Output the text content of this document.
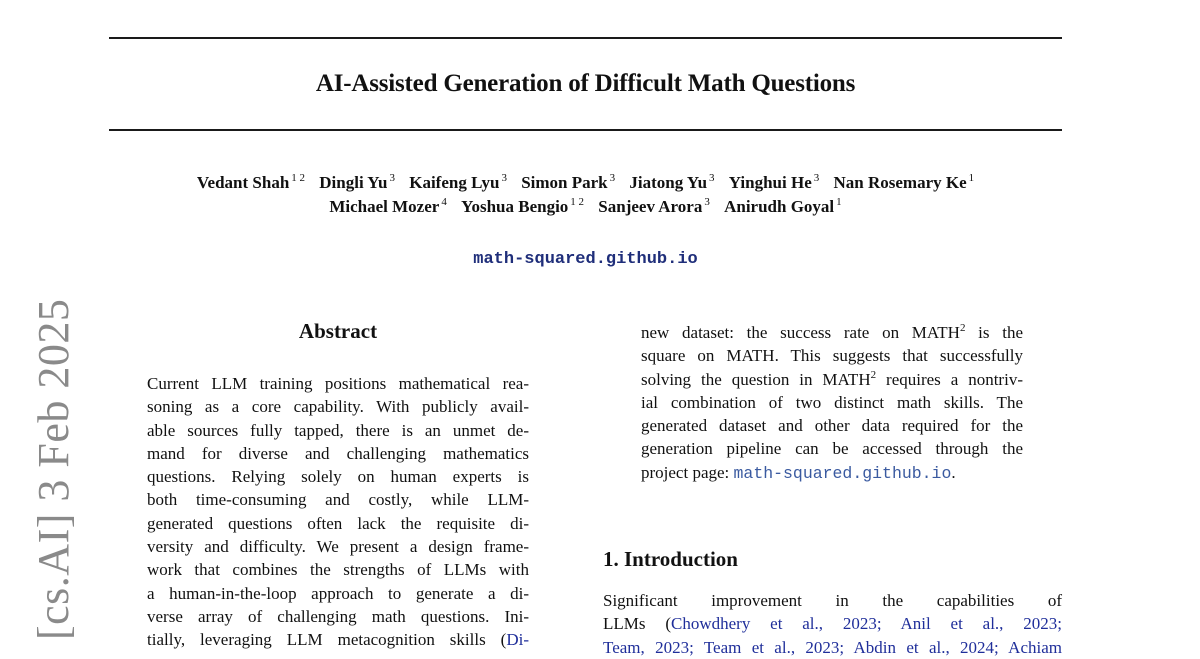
AI-Assisted Generation of Difficult Math Questions
Vedant Shah $^{1 2}$ Dingli Yu $^3$ Kaifeng Lyu $^3$ Simon Park $^3$ Jiatong Yu $^3$ Yinghui He $^3$ Nan Rosemary Ke $^1$
Michael Mozer $^4$ Yoshua Bengio $^{1 2}$ Sanjeev Arora $^3$ Anirudh Goyal $^1$
math-squared.github.io
[cs.AI] 3 Feb 2025	Abstract
Current LLM training positions mathematical rea-
soning as a core capability. With publicly avail-
able sources fully tapped, there is an unmet de-
mand for diverse and challenging mathematics
questions. Relying solely on human experts is
both time-consuming and costly, while LLM-
generated questions often lack the requisite di-
versity and difficulty. We present a design frame-
work that combines the strengths of LLMs with
a human-in-the-loop approach to generate a di-
verse array of challenging math questions. Ini-
tially, leveraging LLM metacognition skills (Di-
new dataset: the success rate on MATH$^2$ is the
square on MATH. This suggests that successfully
solving the question in MATH$^2$ requires a nontriv-
ial combination of two distinct math skills. The
generated dataset and other data required for the
generation pipeline can be accessed through the
project page: math-squared.github.io.
1. Introduction
Significant improvement in the capabilities of
LLMs (Chowdhery et al., 2023; Anil et al., 2023;
Team, 2023; Team et al., 2023; Abdin et al., 2024; Achiam
